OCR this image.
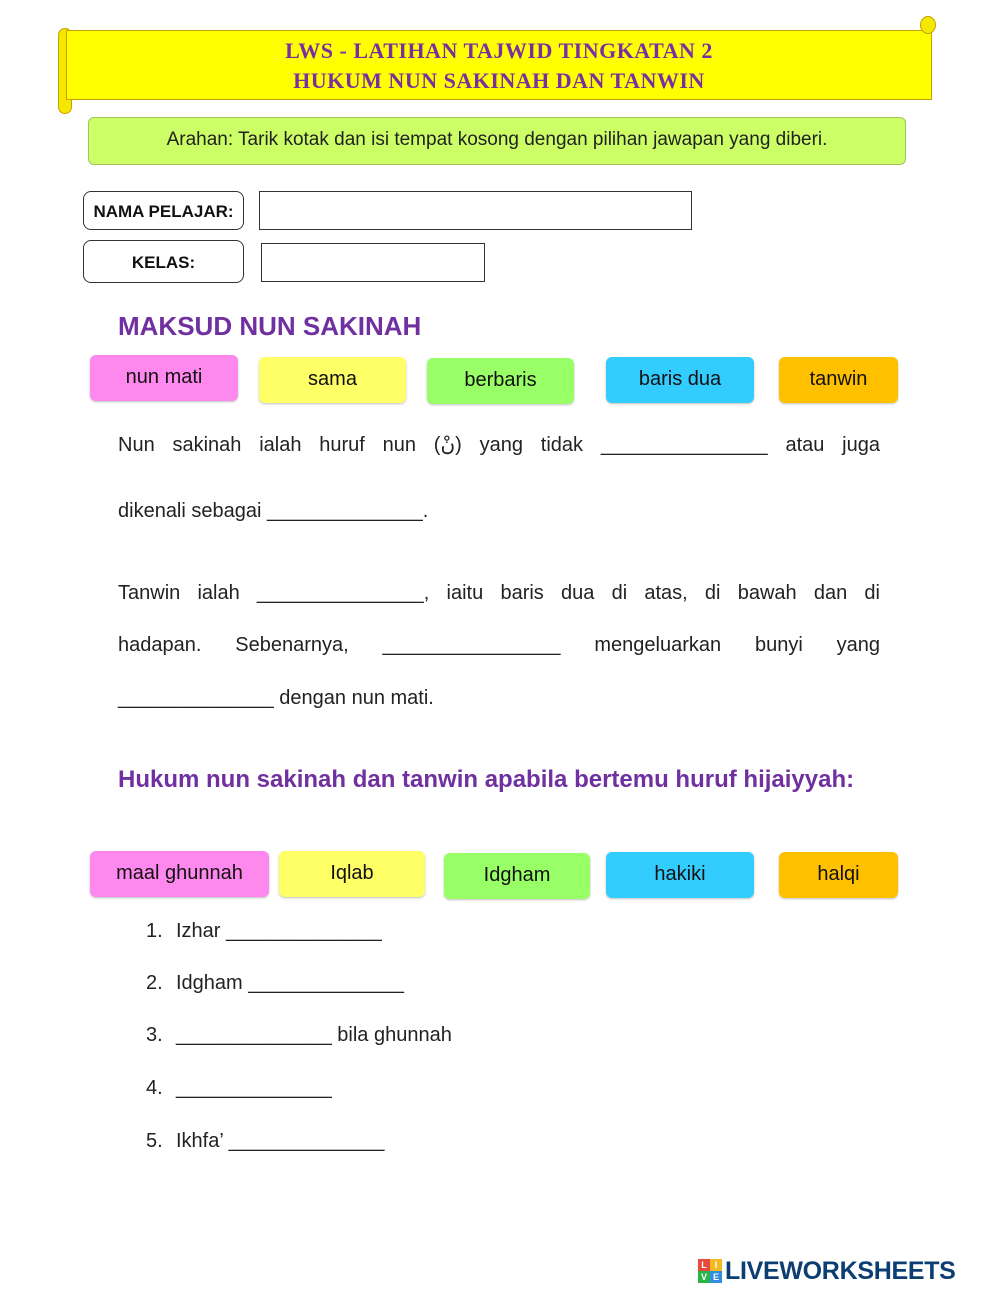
LWS - LATIHAN TAJWID TINGKATAN 2
HUKUM NUN SAKINAH DAN TANWIN
Arahan: Tarik kotak dan isi tempat kosong dengan pilihan jawapan yang diberi.
NAMA PELAJAR:
KELAS:
MAKSUD NUN SAKINAH
nun mati	sama	berbaris	baris dua	tanwin
Nun sakinah ialah huruf nun (نْ) yang tidak _______________ atau juga
dikenali sebagai ______________.
Tanwin ialah _______________, iaitu baris dua di atas, di bawah dan di
hadapan. Sebenarnya, ________________ mengeluarkan bunyi yang
______________ dengan nun mati.
Hukum nun sakinah dan tanwin apabila bertemu huruf hijaiyyah:
maal ghunnah	Iqlab	Idgham	hakiki	halqi
1. Izhar ______________
2. Idgham ______________
3. ______________ bila ghunnah
4. ______________
5. Ikhfa’ ______________
L I
V E LIVEWORKSHEETS
